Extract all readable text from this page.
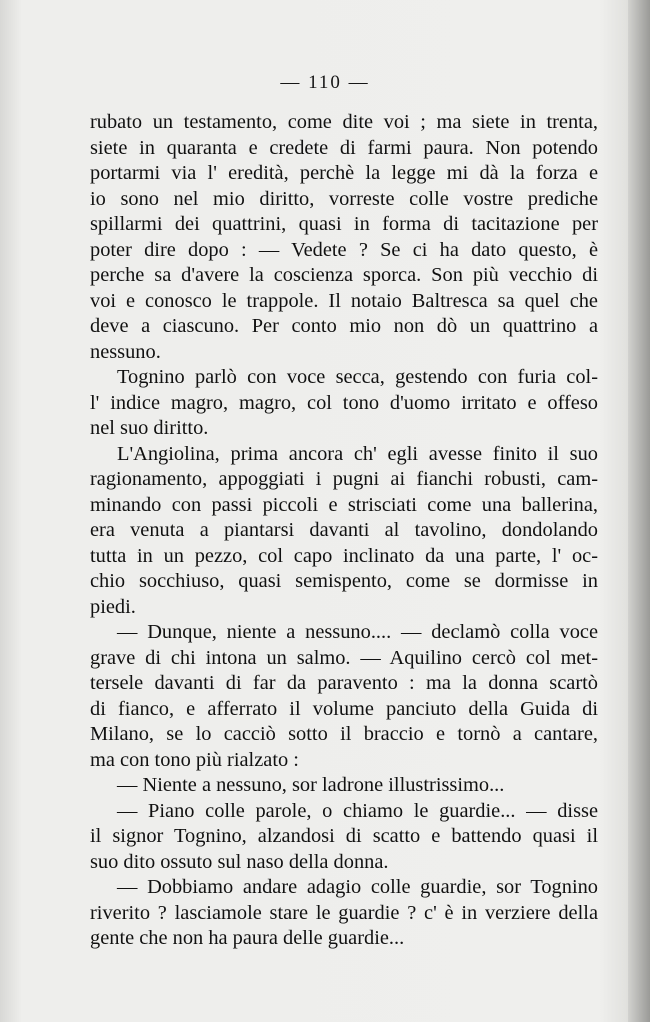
— 110 —
rubato un testamento, come dite voi ; ma siete in trenta,
siete in quaranta e credete di farmi paura. Non potendo
portarmi via l' eredità, perchè la legge mi dà la forza e
io sono nel mio diritto, vorreste colle vostre prediche
spillarmi dei quattrini, quasi in forma di tacitazione per
poter dire dopo : — Vedete ? Se ci ha dato questo, è
perche sa d'avere la coscienza sporca. Son più vecchio di
voi e conosco le trappole. Il notaio Baltresca sa quel che
deve a ciascuno. Per conto mio non dò un quattrino a
nessuno.
Tognino parlò con voce secca, gestendo con furia col-
l' indice magro, magro, col tono d'uomo irritato e offeso
nel suo diritto.
L'Angiolina, prima ancora ch' egli avesse finito il suo
ragionamento, appoggiati i pugni ai fianchi robusti, cam-
minando con passi piccoli e strisciati come una ballerina,
era venuta a piantarsi davanti al tavolino, dondolando
tutta in un pezzo, col capo inclinato da una parte, l' oc-
chio socchiuso, quasi semispento, come se dormisse in
piedi.
— Dunque, niente a nessuno.... — declamò colla voce
grave di chi intona un salmo. — Aquilino cercò col met-
tersele davanti di far da paravento : ma la donna scartò
di fianco, e afferrato il volume panciuto della Guida di
Milano, se lo cacciò sotto il braccio e tornò a cantare,
ma con tono più rialzato :
— Niente a nessuno, sor ladrone illustrissimo...
— Piano colle parole, o chiamo le guardie... — disse
il signor Tognino, alzandosi di scatto e battendo quasi il
suo dito ossuto sul naso della donna.
— Dobbiamo andare adagio colle guardie, sor Tognino
riverito ? lasciamole stare le guardie ? c' è in verziere della
gente che non ha paura delle guardie...
